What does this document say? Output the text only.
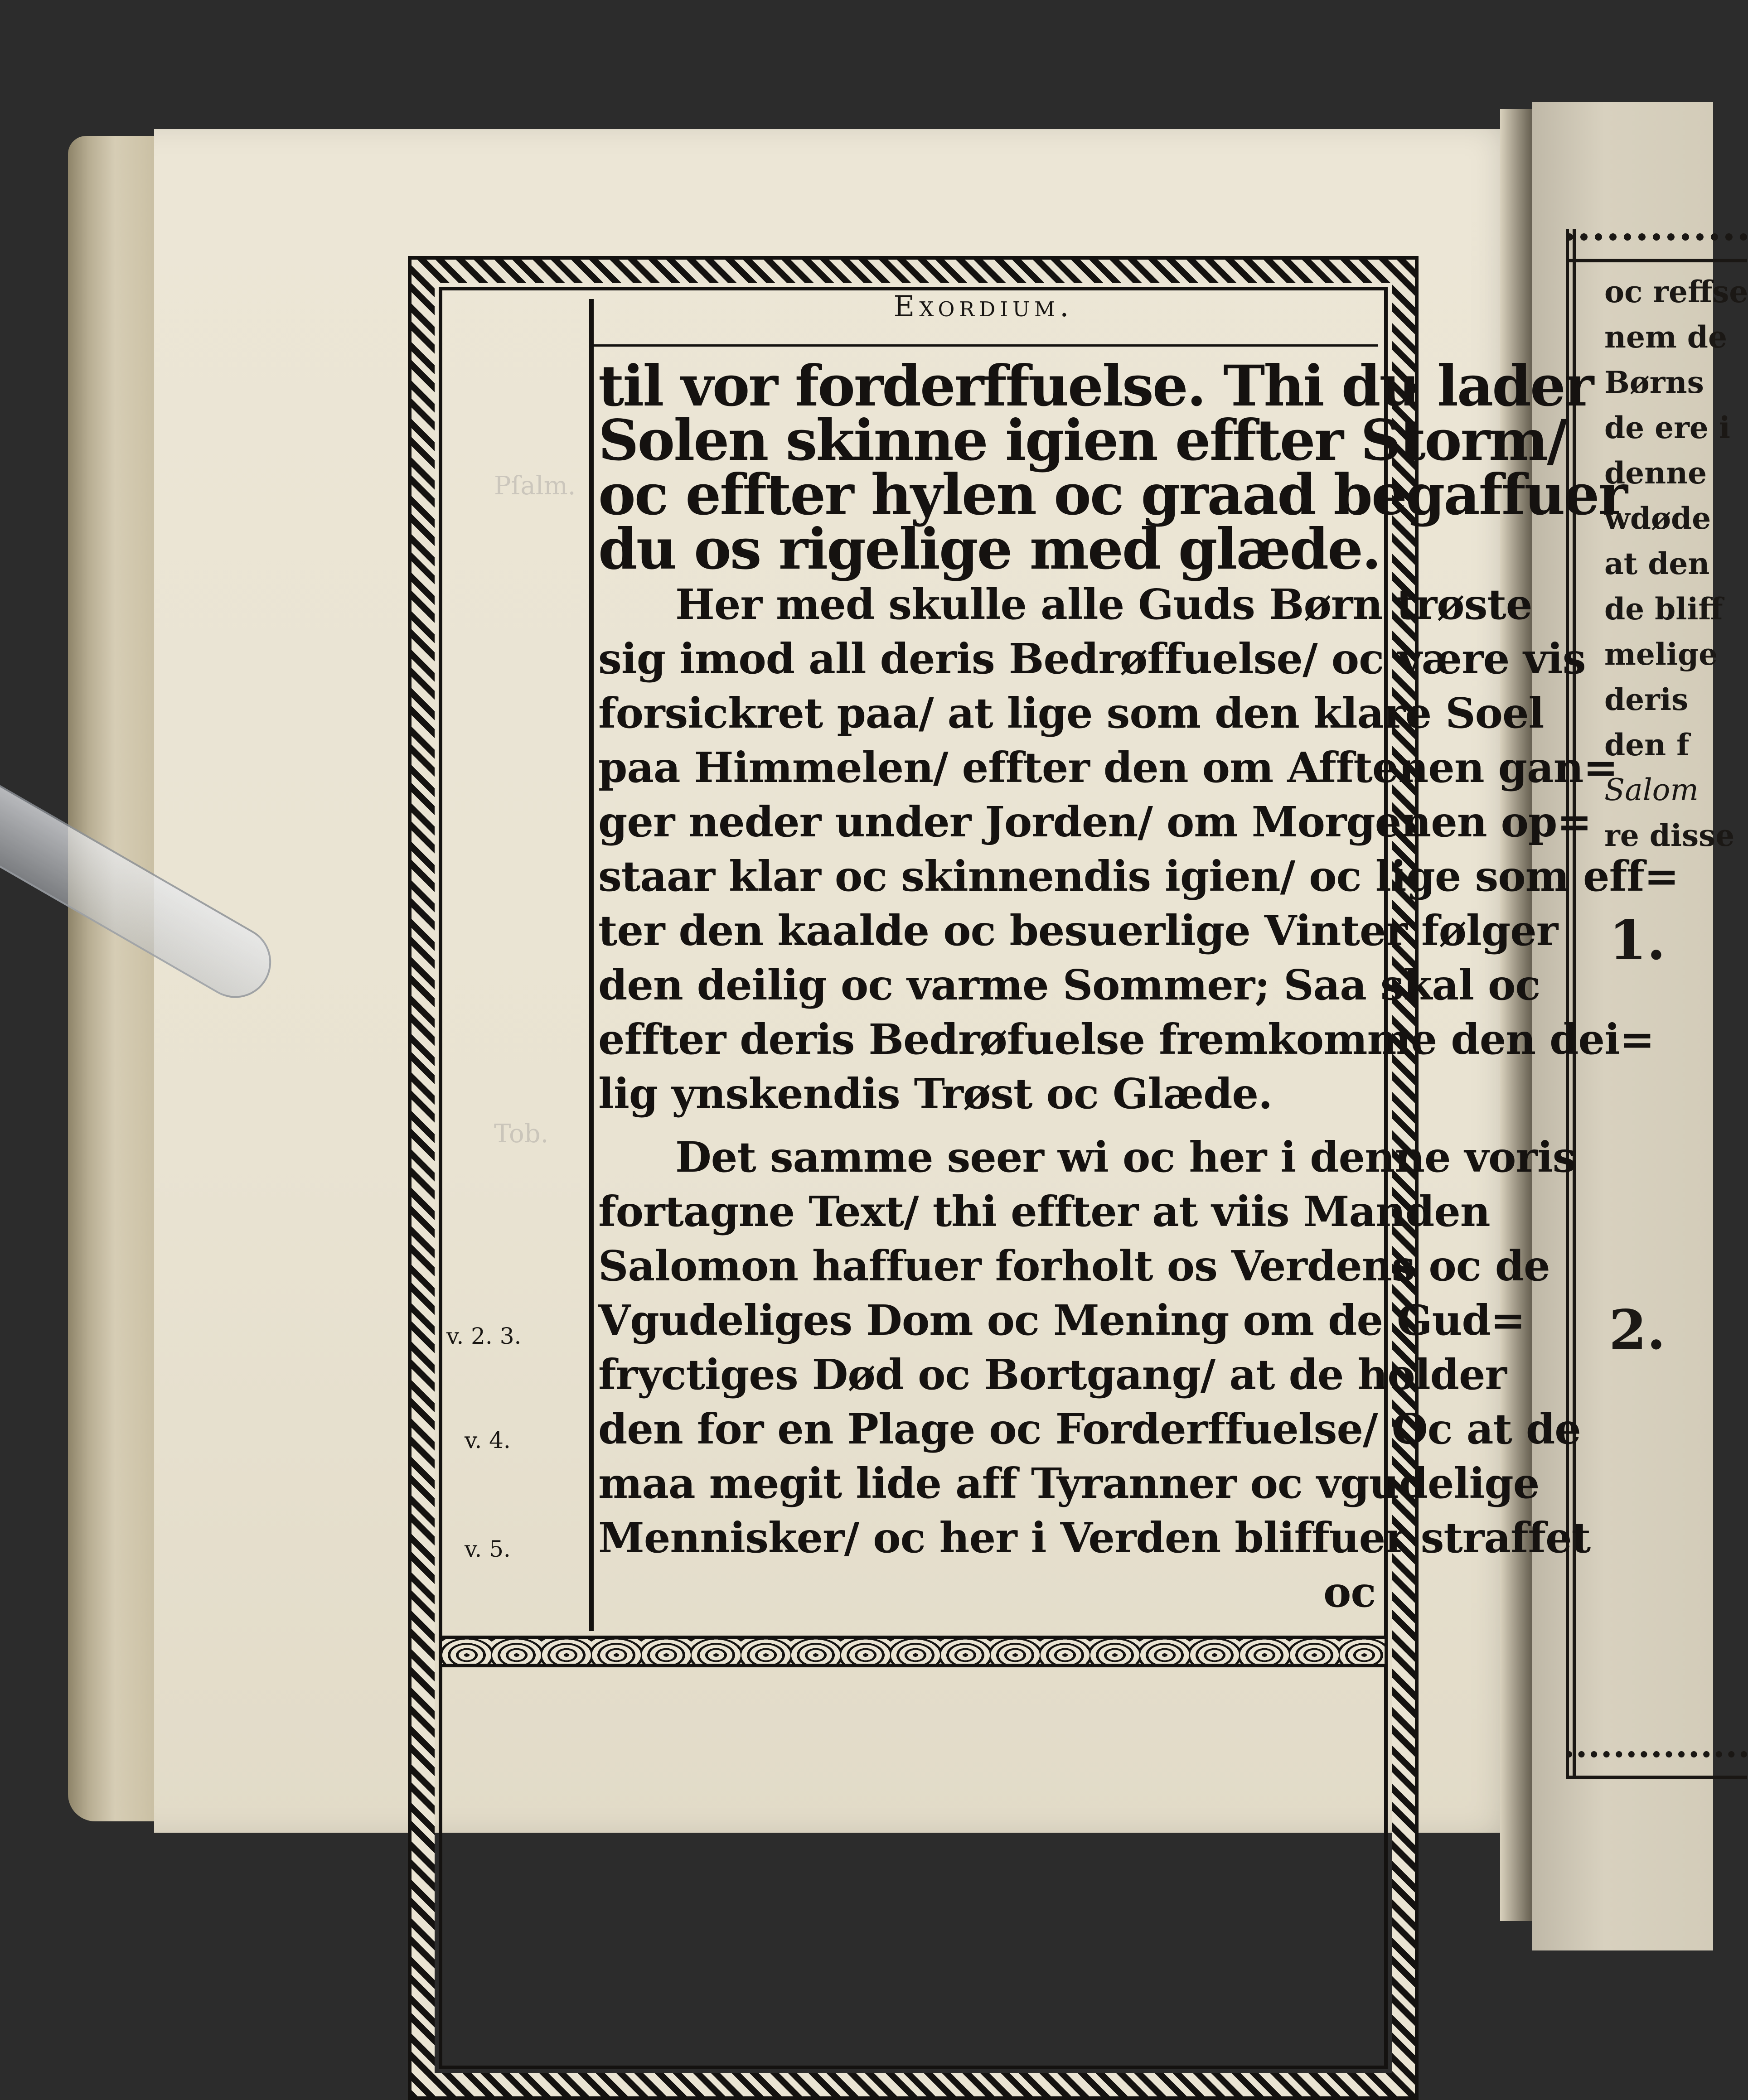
Pſalm.
Tob.
oc reffse
nem de
Børns
de ere i
denne
wdøde
at den
de bliff
melige
deris
den f
Salom
re disse
1.
2.
Exordium.
til vor forderffuelse. Thi du lader
Solen skinne igien effter Storm/
oc effter hylen oc graad begaffuer
du os rigelige med glæde.
Her med skulle alle Guds Børn trøste
sig imod all deris Bedrøffuelse/ oc være vis
forsickret paa/ at lige som den klare Soel
paa Himmelen/ effter den om Afftenen gan=
ger neder under Jorden/ om Morgenen op=
staar klar oc skinnendis igien/ oc lige som eff=
ter den kaalde oc besuerlige Vinter følger
den deilig oc varme Sommer; Saa skal oc
effter deris Bedrøfuelse fremkomme den dei=
lig ynskendis Trøst oc Glæde.
Det samme seer wi oc her i denne voris
fortagne Text/ thi effter at viis Manden
Salomon haffuer forholt os Verdens oc de
Vgudeliges Dom oc Mening om de Gud=
fryctiges Død oc Bortgang/ at de holder
den for en Plage oc Forderffuelse/ Oc at de
maa megit lide aff Tyranner oc vgudelige
Mennisker/ oc her i Verden bliffuer straffet
oc
v. 2. 3.
v. 4.
v. 5.
